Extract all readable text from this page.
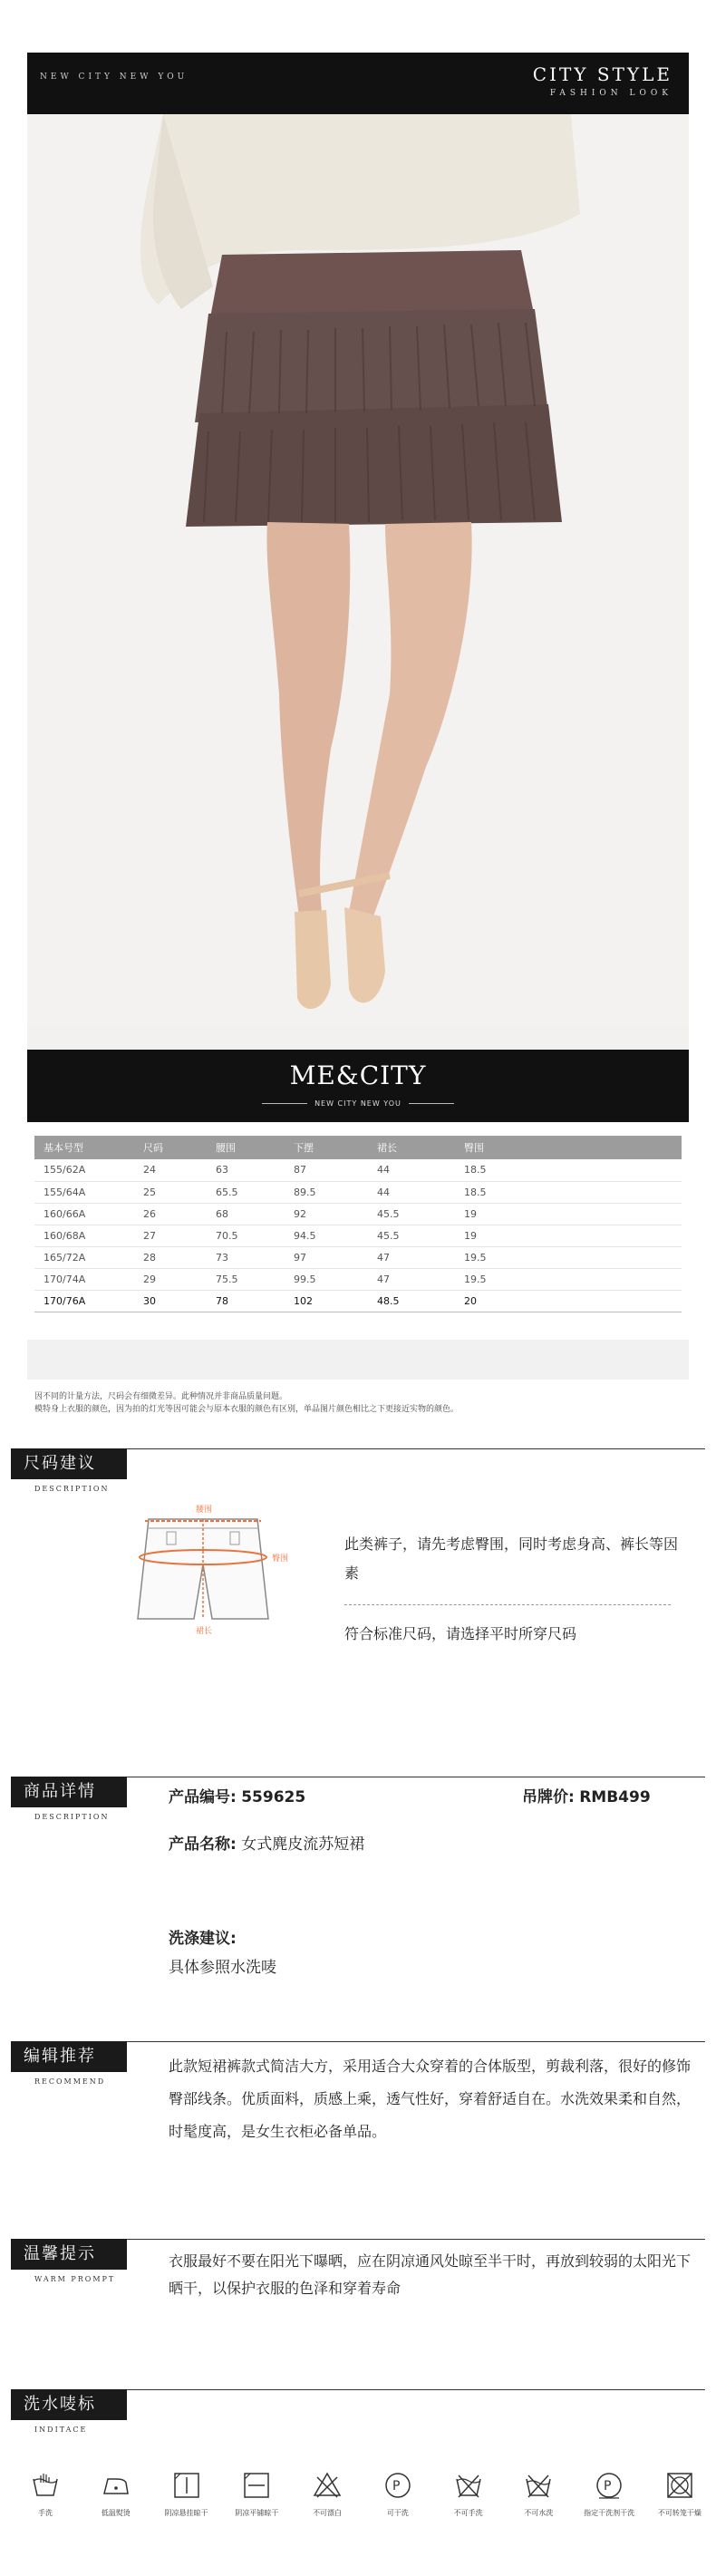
NEW CITY NEW YOU	CITY STYLE
FASHION LOOK
ME&CITY
NEW CITY NEW YOU
基本号型	尺码	腰围	下摆	裙长	臀围
155/62A	24	63	87	44	18.5
155/64A	25	65.5	89.5	44	18.5
160/66A	26	68	92	45.5	19
160/68A	27	70.5	94.5	45.5	19
165/72A	28	73	97	47	19.5
170/74A	29	75.5	99.5	47	19.5
170/76A	30	78	102	48.5	20
因不同的计量方法，尺码会有细微差异。此种情况并非商品质量问题。
模特身上衣服的颜色，因为拍的灯光等因可能会与原本衣服的颜色有区别，单品图片颜色相比之下更接近实物的颜色。
尺码建议
DESCRIPTION
腰围
臀围
裙长
此类裤子，请先考虑臀围，同时考虑身高、裤长等因素
符合标准尺码，请选择平时所穿尺码
商品详情
DESCRIPTION
产品编号: 559625	吊牌价: RMB499
产品名称: 女式麂皮流苏短裙
洗涤建议:
具体参照水洗唛
编辑推荐
RECOMMEND
此款短裙裤款式简洁大方，采用适合大众穿着的合体版型，剪裁利落，很好的修饰臀部线条。优质面料，质感上乘，透气性好，穿着舒适自在。水洗效果柔和自然，时髦度高，是女生衣柜必备单品。
温馨提示
WARM PROMPT
衣服最好不要在阳光下曝晒，应在阴凉通风处晾至半干时，再放到较弱的太阳光下晒干，以保护衣服的色泽和穿着寿命
洗水唛标
INDITACE
手洗	低温熨烫	阴凉悬挂晾干	阴凉平铺晾干	不可漂白
P
可干洗	不可手洗	不可水洗
P
指定干洗剂干洗	不可转笼干燥
